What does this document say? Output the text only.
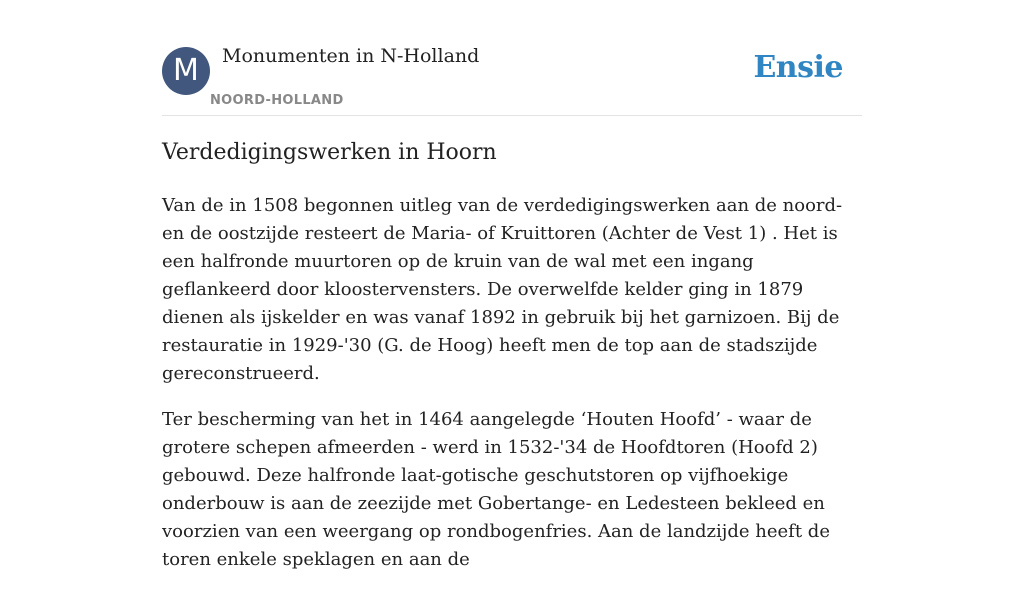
M	Monumenten in N-Holland
NOORD-HOLLAND
Ensie
Verdedigingswerken in Hoorn

Van de in 1508 begonnen uitleg van de verdedigingswerken aan de noord- en de oostzijde resteert de Maria- of Kruittoren (Achter de Vest 1) . Het is een halfronde muurtoren op de kruin van de wal met een ingang geflankeerd door kloostervensters. De overwelfde kelder ging in 1879 dienen als ijskelder en was vanaf 1892 in gebruik bij het garnizoen. Bij de restauratie in 1929-'30 (G. de Hoog) heeft men de top aan de stadszijde gereconstrueerd.

Ter bescherming van het in 1464 aangelegde ‘Houten Hoofd’ - waar de grotere schepen afmeerden - werd in 1532-'34 de Hoofdtoren (Hoofd 2) gebouwd. Deze halfronde laat-gotische geschutstoren op vijfhoekige onderbouw is aan de zeezijde met Gobertange- en Ledesteen bekleed en voorzien van een weergang op rondbogenfries. Aan de landzijde heeft de toren enkele speklagen en aan de
